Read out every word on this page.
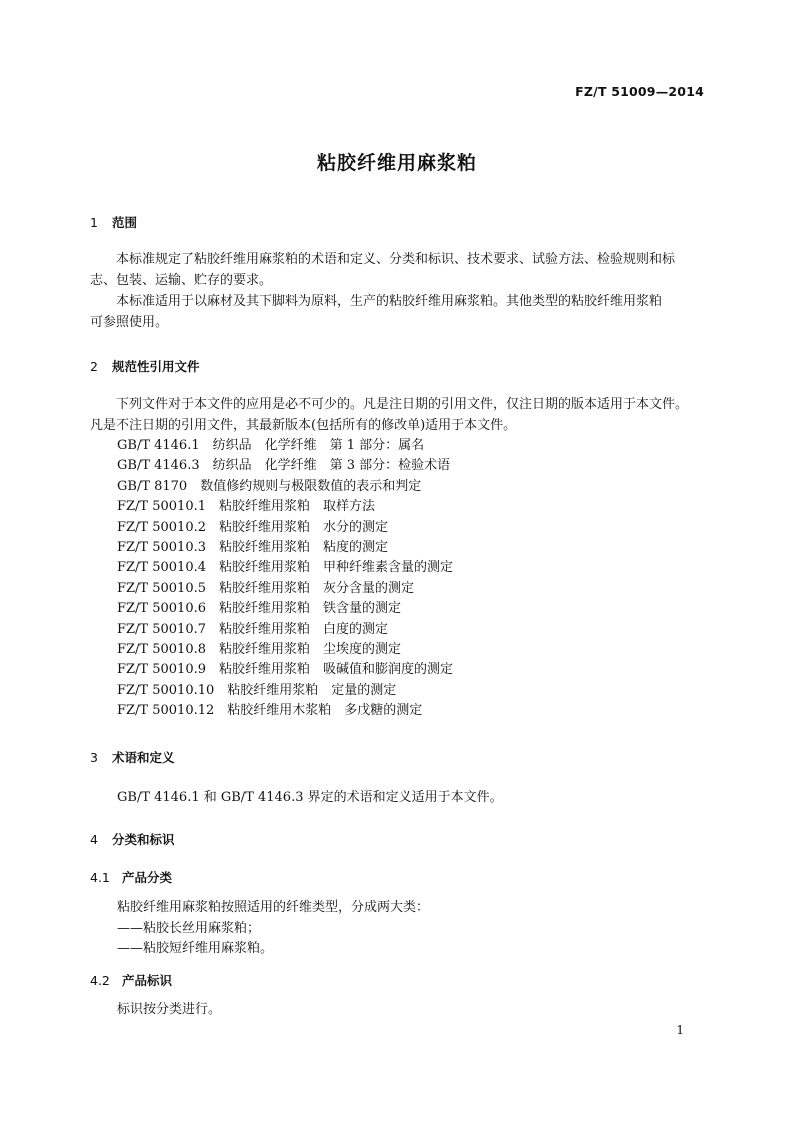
FZ/T 51009—2014
粘胶纤维用麻浆粕
1 范围
本标准规定了粘胶纤维用麻浆粕的术语和定义、分类和标识、技术要求、试验方法、检验规则和标
志、包装、运输、贮存的要求。
本标准适用于以麻材及其下脚料为原料，生产的粘胶纤维用麻浆粕。其他类型的粘胶纤维用浆粕
可参照使用。
2 规范性引用文件
下列文件对于本文件的应用是必不可少的。凡是注日期的引用文件，仅注日期的版本适用于本文件。
凡是不注日期的引用文件，其最新版本(包括所有的修改单)适用于本文件。
GB/T 4146.1　 纺织品　化学纤维　第 1 部分：属名
GB/T 4146.3　 纺织品　化学纤维　第 3 部分：检验术语
GB/T 8170　 数值修约规则与极限数值的表示和判定
FZ/T 50010.1　 粘胶纤维用浆粕　取样方法
FZ/T 50010.2　 粘胶纤维用浆粕　水分的测定
FZ/T 50010.3　 粘胶纤维用浆粕　粘度的测定
FZ/T 50010.4　 粘胶纤维用浆粕　甲种纤维素含量的测定
FZ/T 50010.5　 粘胶纤维用浆粕　灰分含量的测定
FZ/T 50010.6　 粘胶纤维用浆粕　铁含量的测定
FZ/T 50010.7　 粘胶纤维用浆粕　白度的测定
FZ/T 50010.8　 粘胶纤维用浆粕　尘埃度的测定
FZ/T 50010.9　 粘胶纤维用浆粕　吸碱值和膨润度的测定
FZ/T 50010.10　 粘胶纤维用浆粕　定量的测定
FZ/T 50010.12　 粘胶纤维用木浆粕　多戊糖的测定
3 术语和定义
GB/T 4146.1 和 GB/T 4146.3 界定的术语和定义适用于本文件。
4 分类和标识
4.1 产品分类
粘胶纤维用麻浆粕按照适用的纤维类型，分成两大类：
——粘胶长丝用麻浆粕；
——粘胶短纤维用麻浆粕。
4.2 产品标识
标识按分类进行。
1
